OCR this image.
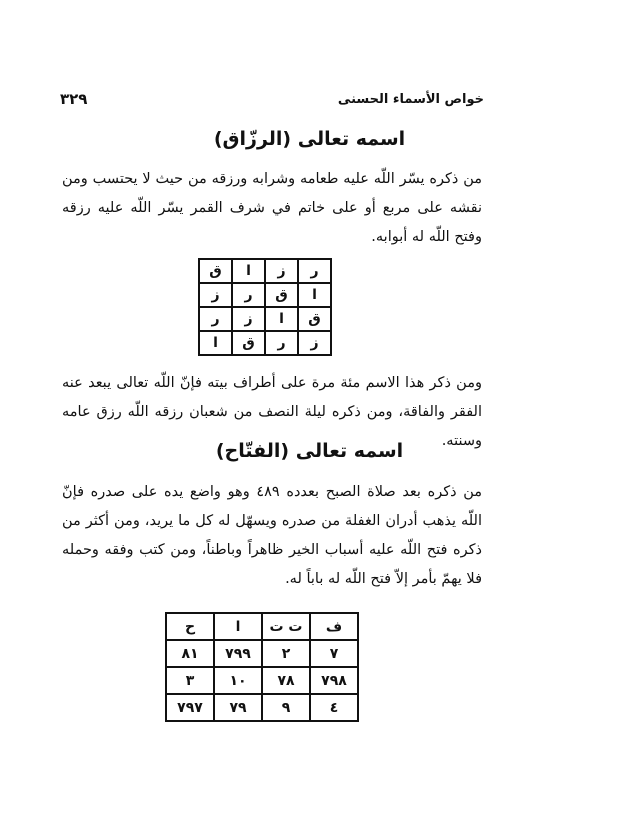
٣٢٩	خواص الأسماء الحسنى
اسمه تعالى (الرزّاق)

من ذكره يسّر اللّه عليه طعامه وشرابه ورزقه من حيث لا يحتسب ومن نقشه على مربع أو على خاتم في شرف القمر يسّر اللّه عليه رزقه وفتح اللّه له أبوابه.

ر	ز	ا	ق
ا	ق	ر	ز
ق	ا	ز	ر
ز	ر	ق	ا

ومن ذكر هذا الاسم مئة مرة على أطراف بيته فإنّ اللّه تعالى يبعد عنه الفقر والفاقة، ومن ذكره ليلة النصف من شعبان رزقه اللّه رزق عامه وسنته.

اسمه تعالى (الفتّاح)

من ذكره بعد صلاة الصبح بعدده ٤٨٩ وهو واضع يده على صدره فإنّ اللّه يذهب أدران الغفلة من صدره ويسهّل له كل ما يريد، ومن أكثر من ذكره فتح اللّه عليه أسباب الخير ظاهراً وباطناً، ومن كتب وفقه وحمله فلا يهمّ بأمر إلاّ فتح اللّه له باباً له.

ف	ت ت	ا	ح
٧	٢	٧٩٩	٨١
٧٩٨	٧٨	١٠	٣
٤	٩	٧٩	٧٩٧
